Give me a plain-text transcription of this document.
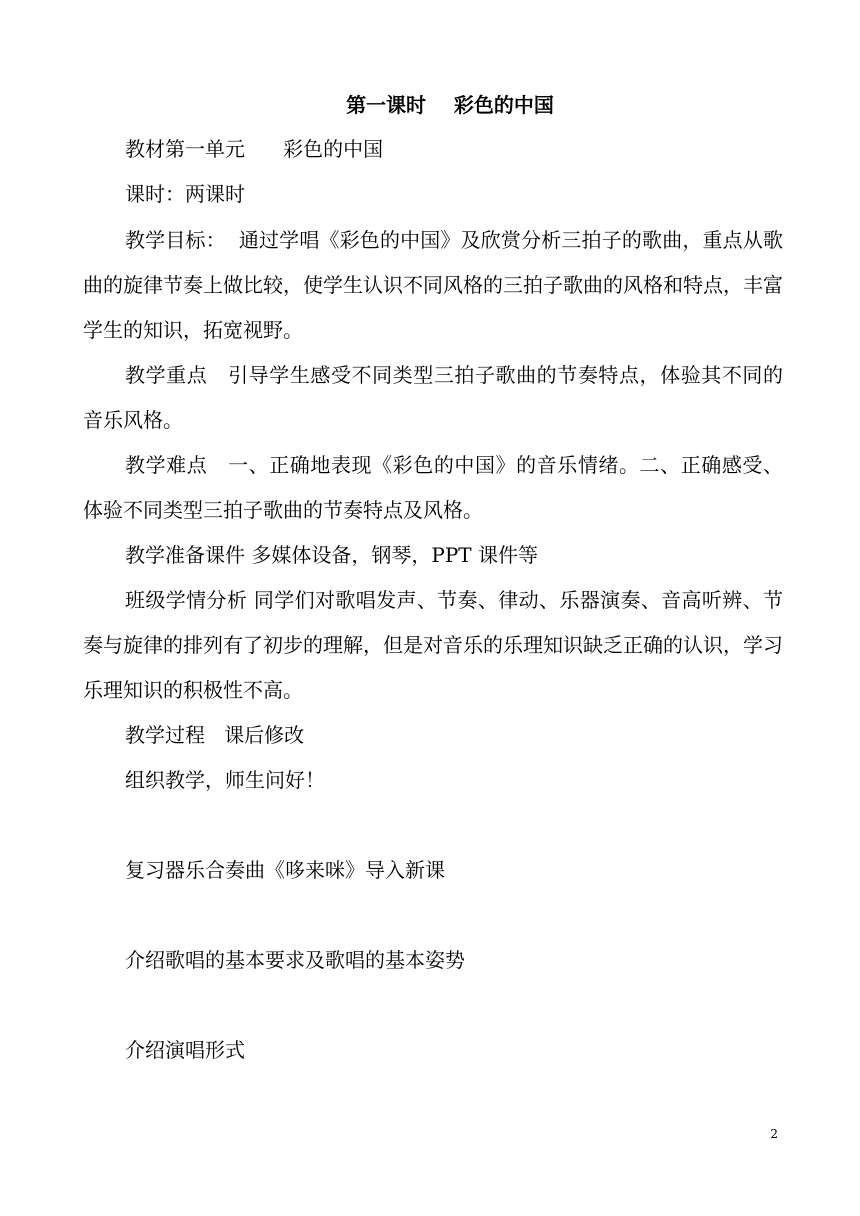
第一课时    彩色的中国
教材第一单元      彩色的中国
课时：两课时
教学目标：  通过学唱《彩色的中国》及欣赏分析三拍子的歌曲，重点从歌曲的旋律节奏上做比较，使学生认识不同风格的三拍子歌曲的风格和特点，丰富学生的知识，拓宽视野。
教学重点   引导学生感受不同类型三拍子歌曲的节奏特点，体验其不同的音乐风格。
教学难点   一、正确地表现《彩色的中国》的音乐情绪。二、正确感受、体验不同类型三拍子歌曲的节奏特点及风格。
教学准备课件 多媒体设备，钢琴，PPT 课件等
班级学情分析 同学们对歌唱发声、节奏、律动、乐器演奏、音高听辨、节奏与旋律的排列有了初步的理解，但是对音乐的乐理知识缺乏正确的认识，学习乐理知识的积极性不高。
教学过程   课后修改
组织教学，师生问好！
复习器乐合奏曲《哆来咪》导入新课
介绍歌唱的基本要求及歌唱的基本姿势
介绍演唱形式
2
